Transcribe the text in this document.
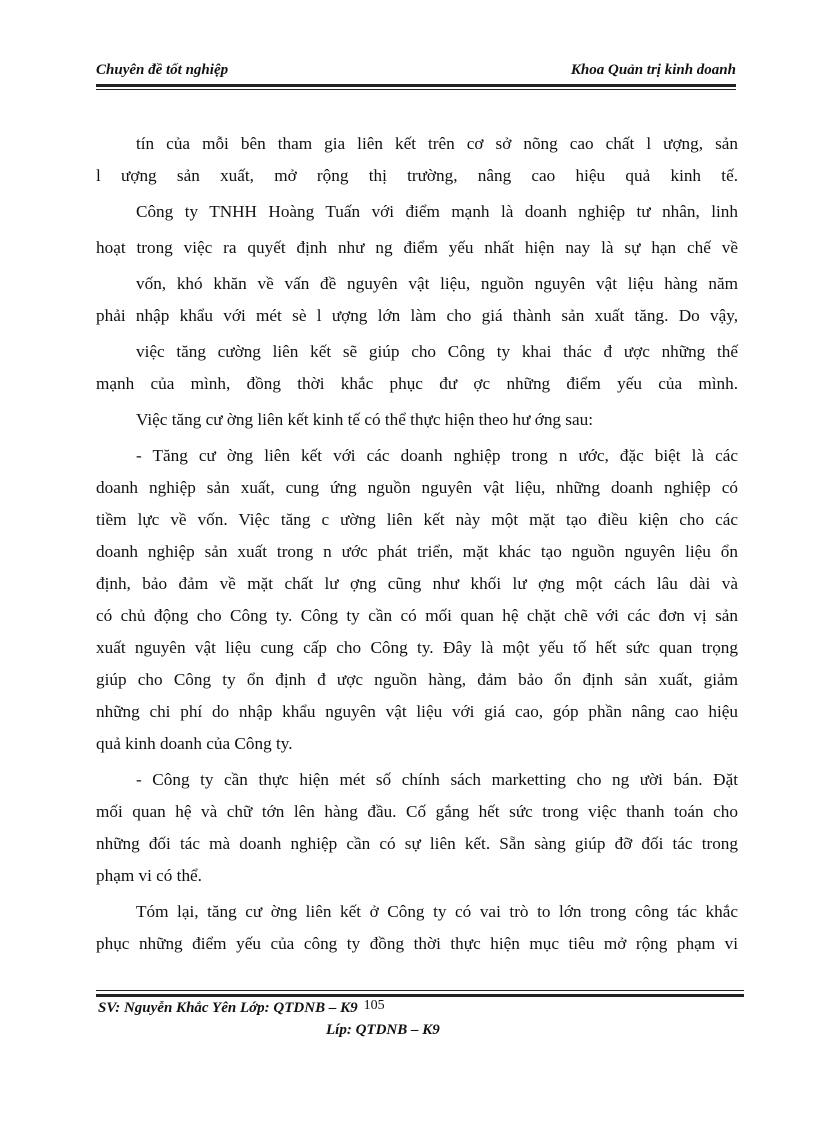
Chuyên đề tốt nghiệp	Khoa Quản trị kinh doanh
tín của mỗi bên tham gia liên kết trên cơ sở nõng cao chất l ượng, sản
l ượng sản xuất, mở rộng thị trường, nâng cao hiệu quả kinh tế.
Công ty TNHH Hoàng Tuấn với điểm mạnh là doanh nghiệp tư nhân, linh
hoạt trong việc ra quyết định như ng điểm yếu nhất hiện nay là sự hạn chế về
vốn, khó khăn về vấn đề nguyên vật liệu, nguồn nguyên vật liệu hàng năm
phải nhập khẩu với mét sè l ượng lớn làm cho giá thành sản xuất tăng. Do vậy,
việc tăng cường liên kết sẽ giúp cho Công ty khai thác đ ược những thế
mạnh của mình, đồng thời khắc phục đư ợc những điểm yếu của mình.
Việc tăng cư ờng liên kết kinh tế có thể thực hiện theo hư ớng sau:
- Tăng cư ờng liên kết với các doanh nghiệp trong n ước, đặc biệt là các
doanh nghiệp sản xuất, cung ứng nguồn nguyên vật liệu, những doanh nghiệp có
tiềm lực về vốn. Việc tăng c ường liên kết này một mặt tạo điều kiện cho các
doanh nghiệp sản xuất trong n ước phát triển, mặt khác tạo nguồn nguyên liệu ổn
định, bảo đảm về mặt chất lư ợng cũng như khối lư ợng một cách lâu dài và
có chủ động cho Công ty. Công ty cần có mối quan hệ chặt chẽ với các đơn vị sản
xuất nguyên vật liệu cung cấp cho Công ty. Đây là một yếu tố hết sức quan trọng
giúp cho Công ty ổn định đ ược nguồn hàng, đảm bảo ổn định sản xuất, giảm
những chi phí do nhập khẩu nguyên vật liệu với giá cao, góp phần nâng cao hiệu
quả kinh doanh của Công ty.
- Công ty cần thực hiện mét số chính sách marketting cho ng ười bán. Đặt
mối quan hệ và chữ tớn lên hàng đầu. Cố gắng hết sức trong việc thanh toán cho
những đối tác mà doanh nghiệp cần có sự liên kết. Sẵn sàng giúp đỡ đối tác trong
phạm vi có thể.
Tóm lại, tăng cư ờng liên kết ở Công ty có vai trò to lớn trong công tác khắc
phục những điểm yếu của công ty đồng thời thực hiện mục tiêu mở rộng phạm vi
SV: Nguyễn Khắc Yên Lớp: QTDNB – K9 105
Líp: QTDNB – K9
